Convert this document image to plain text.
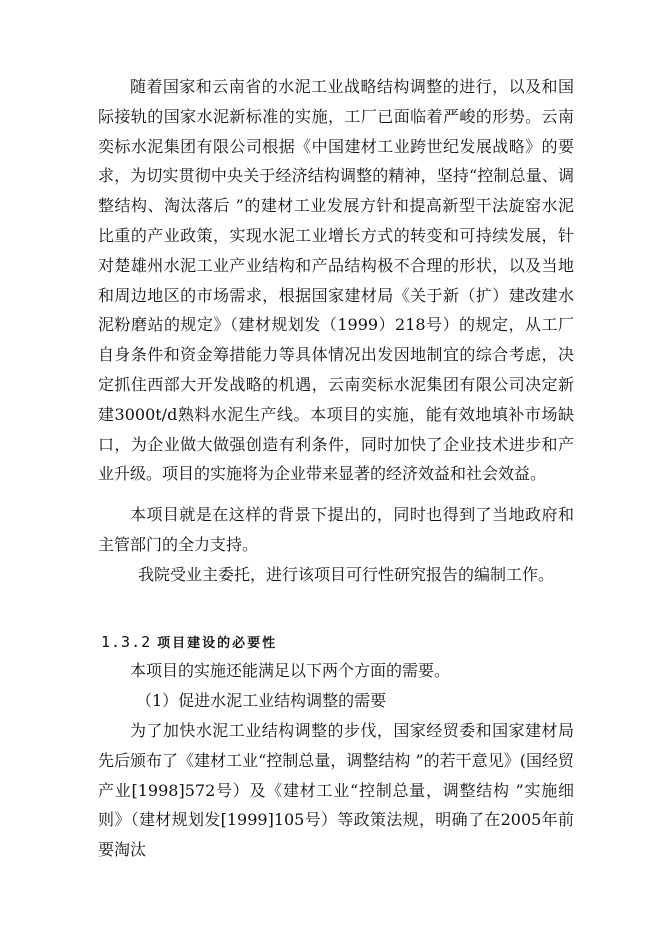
随着国家和云南省的水泥工业战略结构调整的进行，以及和国际接轨的国家水泥新标准的实施，工厂已面临着严峻的形势。云南奕标水泥集团有限公司根据《中国建材工业跨世纪发展战略》的要求，为切实贯彻中央关于经济结构调整的精神，坚持“控制总量、调整结构、淘汰落后 ”的建材工业发展方针和提高新型干法旋窑水泥比重的产业政策，实现水泥工业增长方式的转变和可持续发展，针对楚雄州水泥工业产业结构和产品结构极不合理的形状，以及当地和周边地区的市场需求，根据国家建材局《关于新（扩）建改建水泥粉磨站的规定》（建材规划发（1999）218号）的规定，从工厂自身条件和资金筹措能力等具体情况出发因地制宜的综合考虑，决定抓住西部大开发战略的机遇，云南奕标水泥集团有限公司决定新建3000t/d熟料水泥生产线。本项目的实施，能有效地填补市场缺口，为企业做大做强创造有利条件，同时加快了企业技术进步和产业升级。项目的实施将为企业带来显著的经济效益和社会效益。

本项目就是在这样的背景下提出的，同时也得到了当地政府和主管部门的全力支持。

我院受业主委托，进行该项目可行性研究报告的编制工作。

1.3.2 项目建设的必要性

本项目的实施还能满足以下两个方面的需要。

（1）促进水泥工业结构调整的需要

为了加快水泥工业结构调整的步伐，国家经贸委和国家建材局先后颁布了《建材工业“控制总量，调整结构 ”的若干意见》(国经贸产业[1998]572号）及《建材工业“控制总量，调整结构 ”实施细则》（建材规划发[1999]105号）等政策法规，明确了在2005年前要淘汰
